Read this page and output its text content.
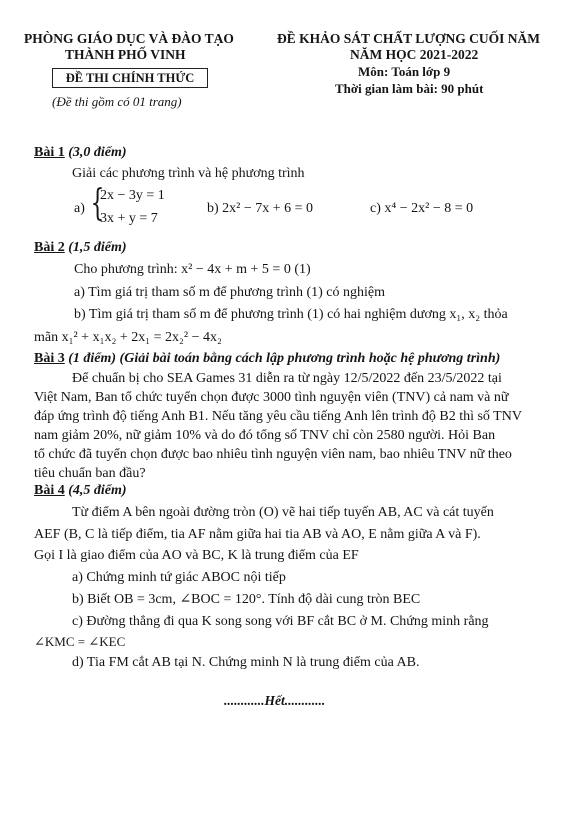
PHÒNG GIÁO DỤC VÀ ĐÀO TẠO
THÀNH PHỐ VINH
ĐỀ THI CHÍNH THỨC
(Đề thi gồm có 01 trang)
ĐỀ KHẢO SÁT CHẤT LƯỢNG CUỐI NĂM
NĂM HỌC 2021-2022
Môn: Toán lớp 9
Thời gian làm bài: 90 phút
Bài 1 (3,0 điểm)
Giải các phương trình và hệ phương trình
a) {
2x − 3y = 1
3x + y = 7
b) 2x² − 7x + 6 = 0	c) x⁴ − 2x² − 8 = 0
Bài 2 (1,5 điểm)
Cho phương trình: x² − 4x + m + 5 = 0 (1)
a) Tìm giá trị tham số m để phương trình (1) có nghiệm
b) Tìm giá trị tham số m để phương trình (1) có hai nghiệm dương x₁, x₂ thỏa
mãn x₁² + x₁x₂ + 2x₁ = 2x₂² − 4x₂
Bài 3 (1 điểm) (Giải bài toán bằng cách lập phương trình hoặc hệ phương trình)
Để chuẩn bị cho SEA Games 31 diễn ra từ ngày 12/5/2022 đến 23/5/2022 tại
Việt Nam, Ban tổ chức tuyển chọn được 3000 tình nguyện viên (TNV) cả nam và nữ
đáp ứng trình độ tiếng Anh B1. Nếu tăng yêu cầu tiếng Anh lên trình độ B2 thì số TNV
nam giảm 20%, nữ giảm 10% và do đó tổng số TNV chỉ còn 2580 người. Hỏi Ban
tổ chức đã tuyển chọn được bao nhiêu tình nguyện viên nam, bao nhiêu TNV nữ theo
tiêu chuẩn ban đầu?
Bài 4 (4,5 điểm)
Từ điểm A bên ngoài đường tròn (O) vẽ hai tiếp tuyến AB, AC và cát tuyến
AEF (B, C là tiếp điểm, tia AF nằm giữa hai tia AB và AO, E nằm giữa A và F).
Gọi I là giao điểm của AO và BC, K là trung điểm của EF
a) Chứng minh tứ giác ABOC nội tiếp
b) Biết OB = 3cm, ∠BOC = 120°. Tính độ dài cung tròn BEC
c) Đường thẳng đi qua K song song với BF cắt BC ở M. Chứng minh rằng
∠KMC = ∠KEC
d) Tia FM cắt AB tại N. Chứng minh N là trung điểm của AB.
............Hết............
